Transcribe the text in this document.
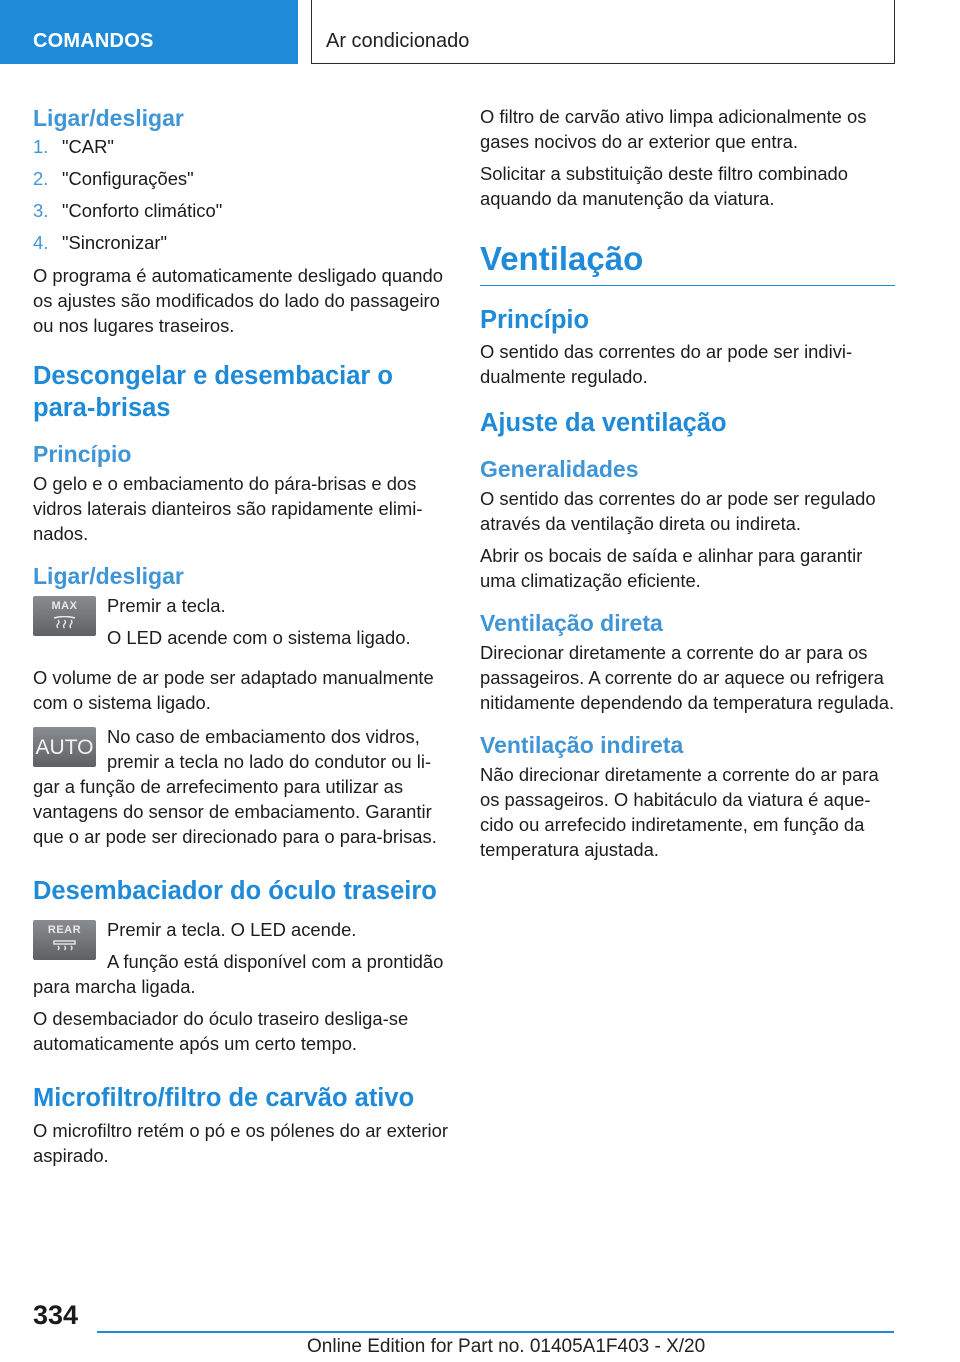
COMANDOS	Ar condicionado
Ligar/desligar
1. "CAR"
2. "Configurações"
3. "Conforto climático"
4. "Sincronizar"

O programa é automaticamente desligado quando os ajustes são modificados do lado do passageiro ou nos lugares traseiros.

Descongelar e desembaciar o para-brisas
Princípio

O gelo e o embaciamento do pára-brisas e dos vidros laterais dianteiros são rapidamente eliminados.

Ligar/desligar
MAX	Premir a tecla.

O LED acende com o sistema ligado.

O volume de ar pode ser adaptado manualmente com o sistema ligado.

AUTO No caso de embaciamento dos vidros, premir a tecla no lado do condutor ou ligar a função de arrefecimento para utilizar as vantagens do sensor de embaciamento. Garantir que o ar pode ser direcionado para o para-brisas.

Desembaciador do óculo traseiro
REAR	Premir a tecla. O LED acende.

A função está disponível com a prontidão para marcha ligada.

O desembaciador do óculo traseiro desliga-se automaticamente após um certo tempo.

Microfiltro/filtro de carvão ativo

O microfiltro retém o pó e os pólenes do ar exterior aspirado.

O filtro de carvão ativo limpa adicionalmente os gases nocivos do ar exterior que entra.

Solicitar a substituição deste filtro combinado aquando da manutenção da viatura.

Ventilação
Princípio

O sentido das correntes do ar pode ser individualmente regulado.

Ajuste da ventilação
Generalidades

O sentido das correntes do ar pode ser regulado através da ventilação direta ou indireta.

Abrir os bocais de saída e alinhar para garantir uma climatização eficiente.

Ventilação direta

Direcionar diretamente a corrente do ar para os passageiros. A corrente do ar aquece ou refrigera nitidamente dependendo da temperatura regulada.

Ventilação indireta

Não direcionar diretamente a corrente do ar para os passageiros. O habitáculo da viatura é aquecido ou arrefecido indiretamente, em função da temperatura ajustada.

334
Online Edition for Part no. 01405A1F403 - X/20
